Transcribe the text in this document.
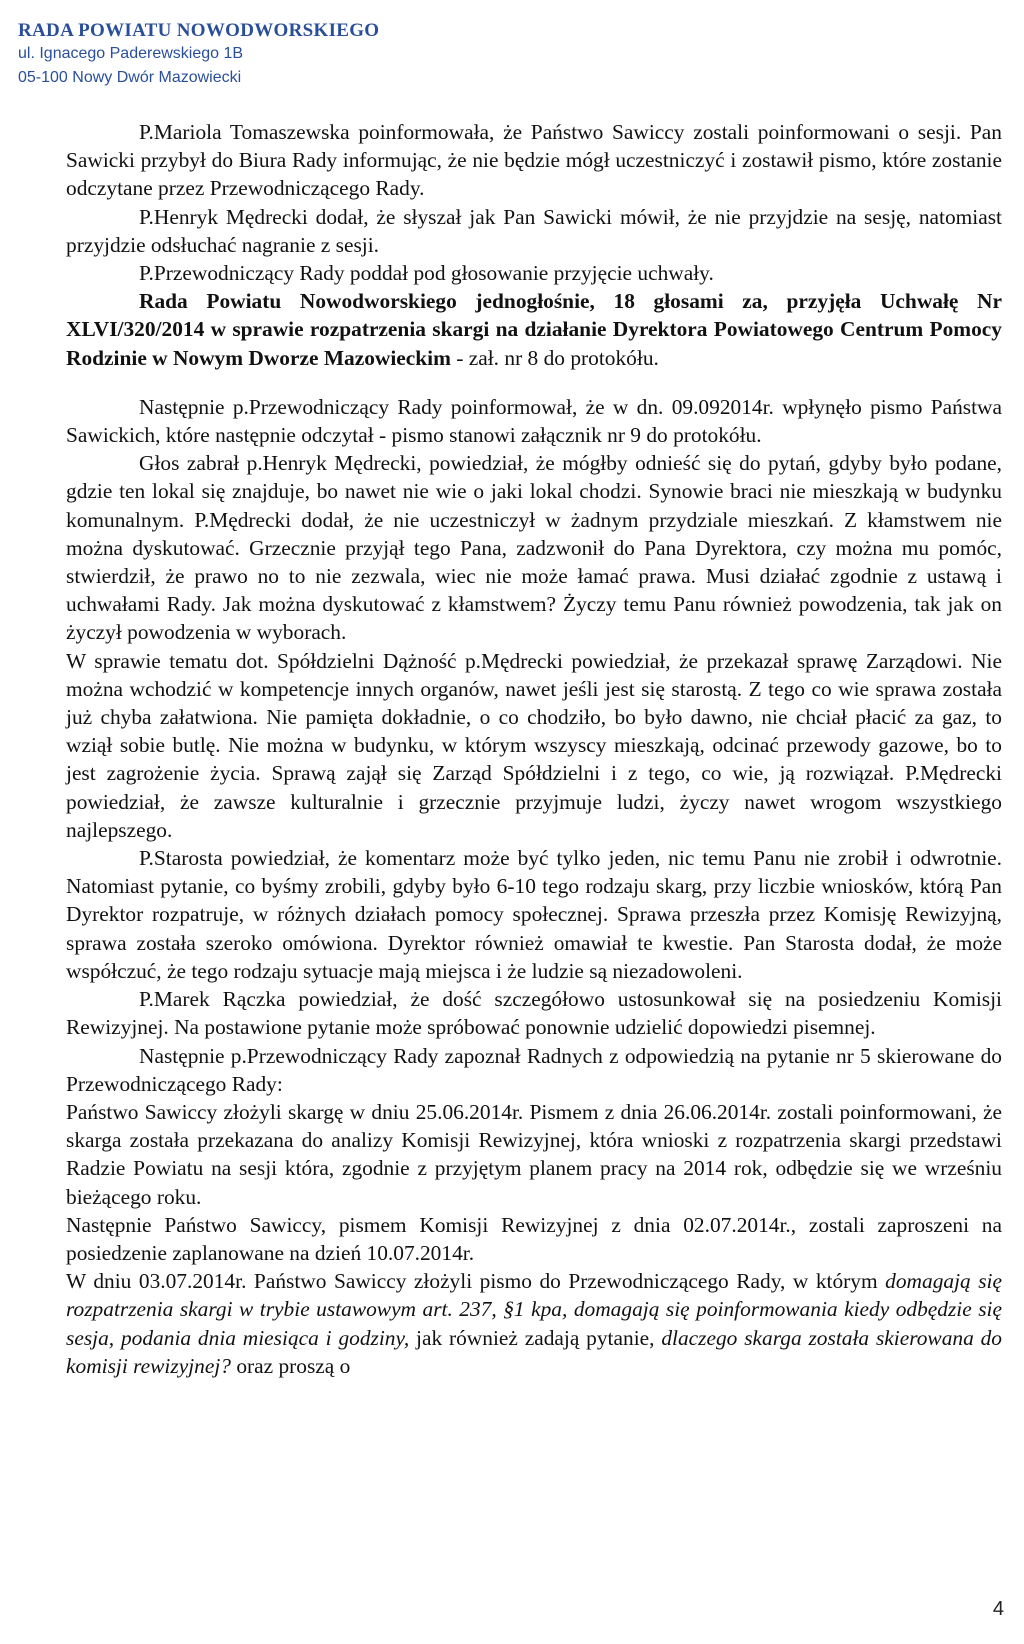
RADA POWIATU NOWODWORSKIEGO
ul. Ignacego Paderewskiego 1B
05-100 Nowy Dwór Mazowiecki

P.Mariola Tomaszewska poinformowała, że Państwo Sawiccy zostali poinformowani o sesji. Pan Sawicki przybył do Biura Rady informując, że nie będzie mógł uczestniczyć i zostawił pismo, które zostanie odczytane przez Przewodniczącego Rady.

P.Henryk Mędrecki dodał, że słyszał jak Pan Sawicki mówił, że nie przyjdzie na sesję, natomiast przyjdzie odsłuchać nagranie z sesji.

P.Przewodniczący Rady poddał pod głosowanie przyjęcie uchwały.

Rada Powiatu Nowodworskiego jednogłośnie, 18 głosami za, przyjęła Uchwałę Nr XLVI/320/2014 w sprawie rozpatrzenia skargi na działanie Dyrektora Powiatowego Centrum Pomocy Rodzinie w Nowym Dworze Mazowieckim - zał. nr 8 do protokółu.

Następnie p.Przewodniczący Rady poinformował, że w dn. 09.092014r. wpłynęło pismo Państwa Sawickich, które następnie odczytał - pismo stanowi załącznik nr 9 do protokółu.

Głos zabrał p.Henryk Mędrecki, powiedział, że mógłby odnieść się do pytań, gdyby było podane, gdzie ten lokal się znajduje, bo nawet nie wie o jaki lokal chodzi. Synowie braci nie mieszkają w budynku komunalnym. P.Mędrecki dodał, że nie uczestniczył w żadnym przydziale mieszkań. Z kłamstwem nie można dyskutować. Grzecznie przyjął tego Pana, zadzwonił do Pana Dyrektora, czy można mu pomóc, stwierdził, że prawo no to nie zezwala, wiec nie może łamać prawa. Musi działać zgodnie z ustawą i uchwałami Rady. Jak można dyskutować z kłamstwem? Życzy temu Panu również powodzenia, tak jak on życzył powodzenia w wyborach.

W sprawie tematu dot. Spółdzielni Dążność p.Mędrecki powiedział, że przekazał sprawę Zarządowi. Nie można wchodzić w kompetencje innych organów, nawet jeśli jest się starostą. Z tego co wie sprawa została już chyba załatwiona. Nie pamięta dokładnie, o co chodziło, bo było dawno, nie chciał płacić za gaz, to wziął sobie butlę. Nie można w budynku, w którym wszyscy mieszkają, odcinać przewody gazowe, bo to jest zagrożenie życia. Sprawą zajął się Zarząd Spółdzielni i z tego, co wie, ją rozwiązał. P.Mędrecki powiedział, że zawsze kulturalnie i grzecznie przyjmuje ludzi, życzy nawet wrogom wszystkiego najlepszego.

P.Starosta powiedział, że komentarz może być tylko jeden, nic temu Panu nie zrobił i odwrotnie. Natomiast pytanie, co byśmy zrobili, gdyby było 6-10 tego rodzaju skarg, przy liczbie wniosków, którą Pan Dyrektor rozpatruje, w różnych działach pomocy społecznej. Sprawa przeszła przez Komisję Rewizyjną, sprawa została szeroko omówiona. Dyrektor również omawiał te kwestie. Pan Starosta dodał, że może współczuć, że tego rodzaju sytuacje mają miejsca i że ludzie są niezadowoleni.

P.Marek Rączka powiedział, że dość szczegółowo ustosunkował się na posiedzeniu Komisji Rewizyjnej. Na postawione pytanie może spróbować ponownie udzielić dopowiedzi pisemnej.

Następnie p.Przewodniczący Rady zapoznał Radnych z odpowiedzią na pytanie nr 5 skierowane do Przewodniczącego Rady:

Państwo Sawiccy złożyli skargę w dniu 25.06.2014r. Pismem z dnia 26.06.2014r. zostali poinformowani, że skarga została przekazana do analizy Komisji Rewizyjnej, która wnioski z rozpatrzenia skargi przedstawi Radzie Powiatu na sesji która, zgodnie z przyjętym planem pracy na 2014 rok, odbędzie się we wrześniu bieżącego roku.

Następnie Państwo Sawiccy, pismem Komisji Rewizyjnej z dnia 02.07.2014r., zostali zaproszeni na posiedzenie zaplanowane na dzień 10.07.2014r.

W dniu 03.07.2014r. Państwo Sawiccy złożyli pismo do Przewodniczącego Rady, w którym domagają się rozpatrzenia skargi w trybie ustawowym art. 237, §1 kpa, domagają się poinformowania kiedy odbędzie się sesja, podania dnia miesiąca i godziny, jak również zadają pytanie, dlaczego skarga została skierowana do komisji rewizyjnej? oraz proszą o

4
